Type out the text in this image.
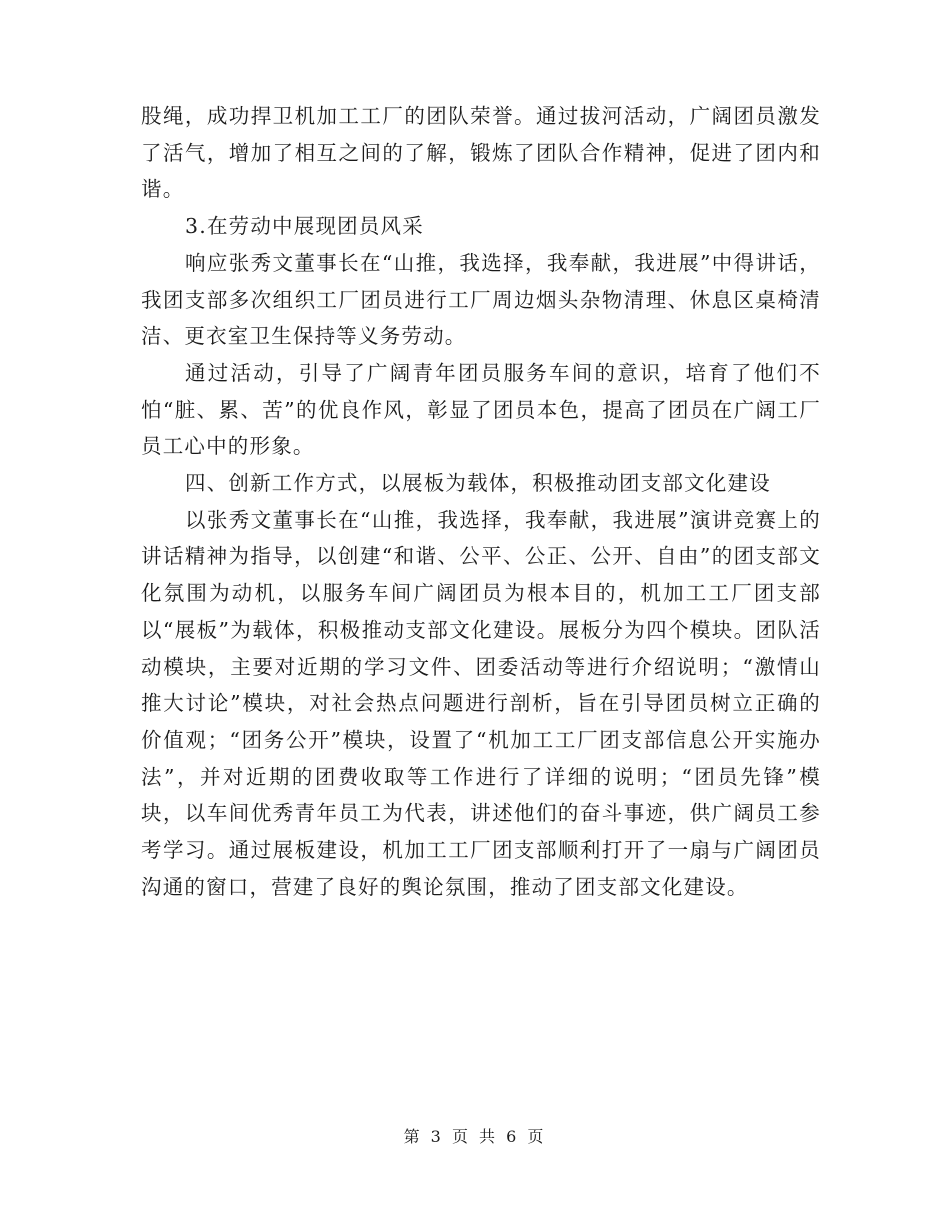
股绳，成功捍卫机加工工厂的团队荣誉。通过拔河活动，广阔团员激发了活气，增加了相互之间的了解，锻炼了团队合作精神，促进了团内和谐。

3.在劳动中展现团员风采

响应张秀文董事长在“山推，我选择，我奉献，我进展”中得讲话，我团支部多次组织工厂团员进行工厂周边烟头杂物清理、休息区桌椅清洁、更衣室卫生保持等义务劳动。

通过活动，引导了广阔青年团员服务车间的意识，培育了他们不怕“脏、累、苦”的优良作风，彰显了团员本色，提高了团员在广阔工厂员工心中的形象。

四、创新工作方式，以展板为载体，积极推动团支部文化建设

以张秀文董事长在“山推，我选择，我奉献，我进展”演讲竞赛上的讲话精神为指导，以创建“和谐、公平、公正、公开、自由”的团支部文化氛围为动机，以服务车间广阔团员为根本目的，机加工工厂团支部以“展板”为载体，积极推动支部文化建设。展板分为四个模块。团队活动模块，主要对近期的学习文件、团委活动等进行介绍说明；“激情山推大讨论”模块，对社会热点问题进行剖析，旨在引导团员树立正确的价值观；“团务公开”模块，设置了“机加工工厂团支部信息公开实施办法”，并对近期的团费收取等工作进行了详细的说明；“团员先锋”模块，以车间优秀青年员工为代表，讲述他们的奋斗事迹，供广阔员工参考学习。通过展板建设，机加工工厂团支部顺利打开了一扇与广阔团员沟通的窗口，营建了良好的舆论氛围，推动了团支部文化建设。

第 3 页 共 6 页
